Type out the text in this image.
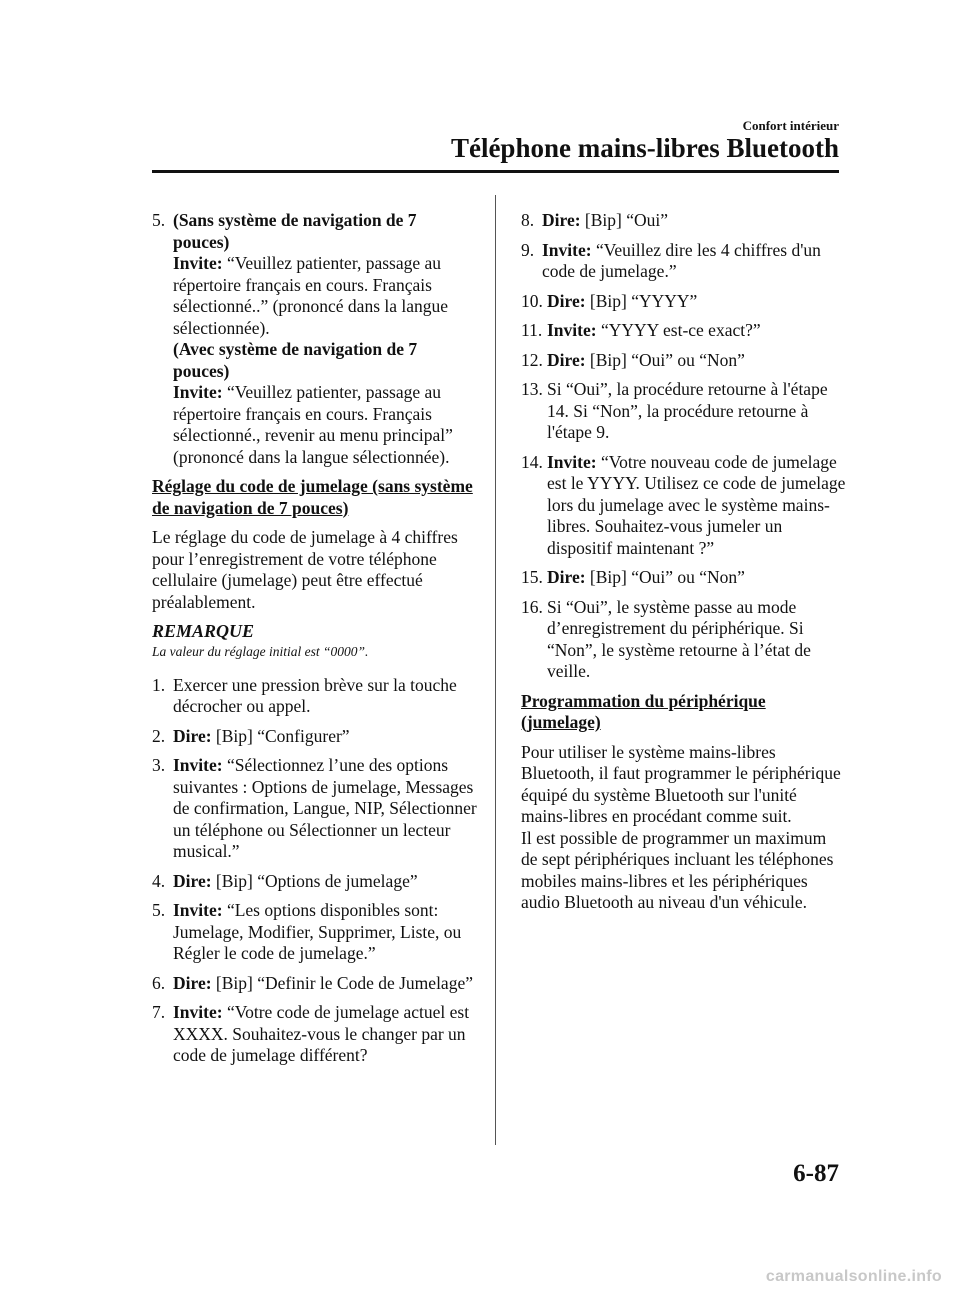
Confort intérieur
Téléphone mains-libres Bluetooth
5. (Sans système de navigation de 7 pouces)
Invite: “Veuillez patienter, passage au répertoire français en cours. Français sélectionné..” (prononcé dans la langue sélectionnée).
(Avec système de navigation de 7 pouces)
Invite: “Veuillez patienter, passage au répertoire français en cours. Français sélectionné., revenir au menu principal” (prononcé dans la langue sélectionnée).
Réglage du code de jumelage (sans système de navigation de 7 pouces)
Le réglage du code de jumelage à 4 chiffres pour l’enregistrement de votre téléphone cellulaire (jumelage) peut être effectué préalablement.
REMARQUE
La valeur du réglage initial est “0000”.
1. Exercer une pression brève sur la touche décrocher ou appel.
2. Dire: [Bip] “Configurer”
3. Invite: “Sélectionnez l’une des options suivantes : Options de jumelage, Messages de confirmation, Langue, NIP, Sélectionner un téléphone ou Sélectionner un lecteur musical.”
4. Dire: [Bip] “Options de jumelage”
5. Invite: “Les options disponibles sont: Jumelage, Modifier, Supprimer, Liste, ou Régler le code de jumelage.”
6. Dire: [Bip] “Definir le Code de Jumelage”
7. Invite: “Votre code de jumelage actuel est XXXX. Souhaitez-vous le changer par un code de jumelage différent?
8. Dire: [Bip] “Oui”
9. Invite: “Veuillez dire les 4 chiffres d'un code de jumelage.”
10. Dire: [Bip] “YYYY”
11. Invite: “YYYY est-ce exact?”
12. Dire: [Bip] “Oui” ou “Non”
13. Si “Oui”, la procédure retourne à l'étape 14. Si “Non”, la procédure retourne à l'étape 9.
14. Invite: “Votre nouveau code de jumelage est le YYYY. Utilisez ce code de jumelage lors du jumelage avec le système mains-libres. Souhaitez-vous jumeler un dispositif maintenant ?”
15. Dire: [Bip] “Oui” ou “Non”
16. Si “Oui”, le système passe au mode d’enregistrement du périphérique. Si “Non”, le système retourne à l’état de veille.
Programmation du périphérique (jumelage)
Pour utiliser le système mains-libres Bluetooth, il faut programmer le périphérique équipé du système Bluetooth sur l'unité mains-libres en procédant comme suit.
Il est possible de programmer un maximum de sept périphériques incluant les téléphones mobiles mains-libres et les périphériques audio Bluetooth au niveau d'un véhicule.
6-87
carmanualsonline.info
